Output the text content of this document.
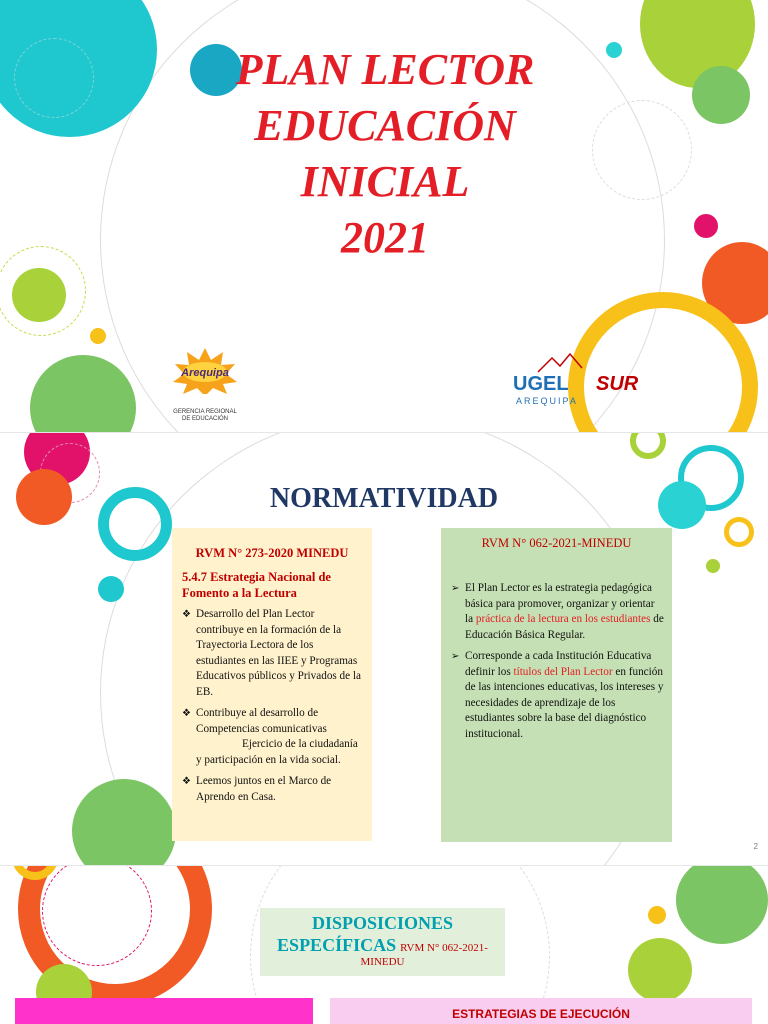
PLAN LECTOR
EDUCACIÓN
INICIAL
2021
Arequipa
GERENCIA REGIONAL
DE EDUCACIÓN
UGEL SUR
AREQUIPA
NORMATIVIDAD
RVM N° 273-2020 MINEDU
5.4.7 Estrategia Nacional de Fomento a la Lectura
❖ Desarrollo del Plan Lector contribuye en la formación de la Trayectoria Lectora de los estudiantes en las IIEE y Programas Educativos públicos y Privados de la EB.
❖ Contribuye al desarrollo de Competencias comunicativas
Ejercicio de la ciudadanía y participación en la vida social.
❖ Leemos juntos en el Marco de Aprendo en Casa.
RVM N° 062-2021-MINEDU
➢ El Plan Lector es la estrategia pedagógica básica para promover, organizar y orientar la práctica de la lectura en los estudiantes de Educación Básica Regular.
➢ Corresponde a cada Institución Educativa definir los títulos del Plan Lector en función de las intenciones educativas, los intereses y necesidades de aprendizaje de los estudiantes sobre la base del diagnóstico institucional.
2
DISPOSICIONES
ESPECÍFICAS RVM N° 062-2021-
MINEDU
ESTRATEGIAS DE EJECUCIÓN
